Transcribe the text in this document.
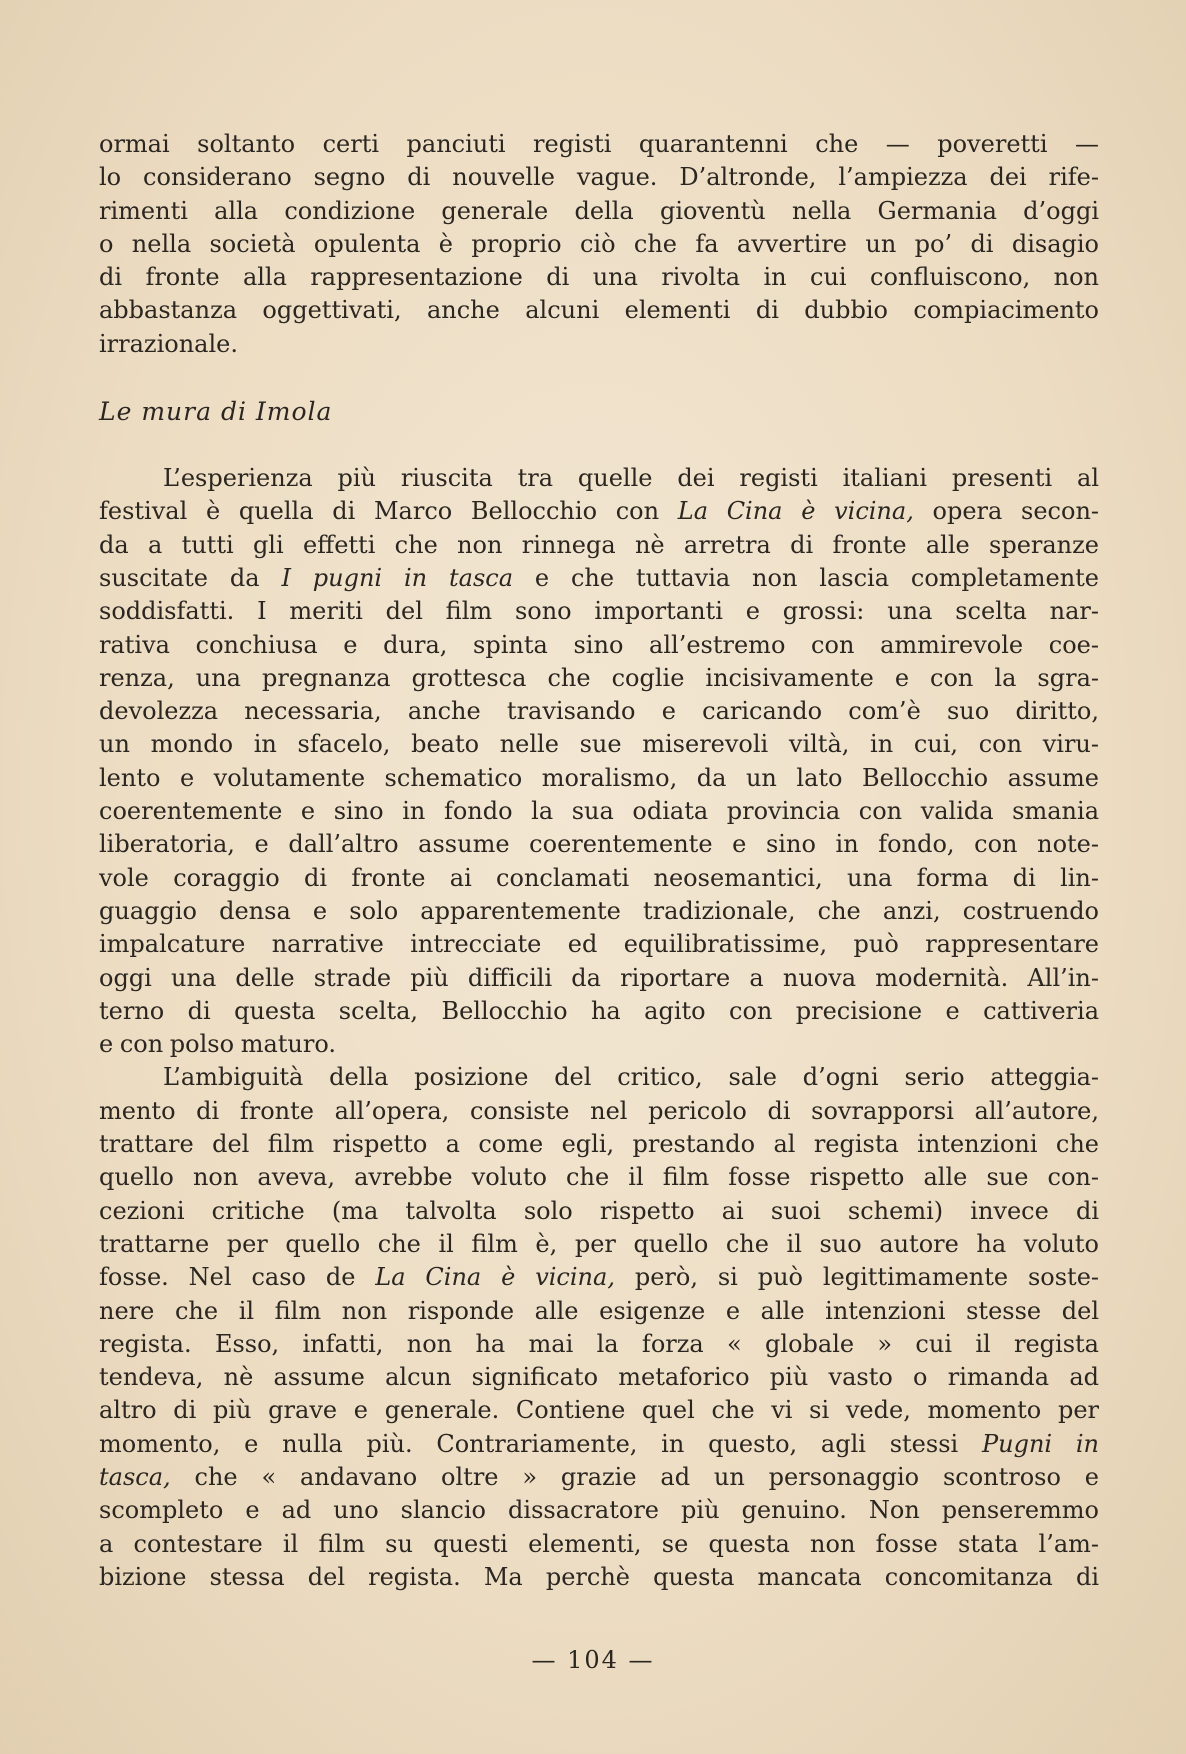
ormai soltanto certi panciuti registi quarantenni che — poveretti —
lo considerano segno di nouvelle vague. D’altronde, l’ampiezza dei rife-
rimenti alla condizione generale della gioventù nella Germania d’oggi
o nella società opulenta è proprio ciò che fa avvertire un po’ di disagio
di fronte alla rappresentazione di una rivolta in cui confluiscono, non
abbastanza oggettivati, anche alcuni elementi di dubbio compiacimento
irrazionale.
Le mura di Imola
L’esperienza più riuscita tra quelle dei registi italiani presenti al
festival è quella di Marco Bellocchio con La Cina è vicina, opera secon-
da a tutti gli effetti che non rinnega nè arretra di fronte alle speranze
suscitate da I pugni in tasca e che tuttavia non lascia completamente
soddisfatti. I meriti del film sono importanti e grossi: una scelta nar-
rativa conchiusa e dura, spinta sino all’estremo con ammirevole coe-
renza, una pregnanza grottesca che coglie incisivamente e con la sgra-
devolezza necessaria, anche travisando e caricando com’è suo diritto,
un mondo in sfacelo, beato nelle sue miserevoli viltà, in cui, con viru-
lento e volutamente schematico moralismo, da un lato Bellocchio assume
coerentemente e sino in fondo la sua odiata provincia con valida smania
liberatoria, e dall’altro assume coerentemente e sino in fondo, con note-
vole coraggio di fronte ai conclamati neosemantici, una forma di lin-
guaggio densa e solo apparentemente tradizionale, che anzi, costruendo
impalcature narrative intrecciate ed equilibratissime, può rappresentare
oggi una delle strade più difficili da riportare a nuova modernità. All’in-
terno di questa scelta, Bellocchio ha agito con precisione e cattiveria
e con polso maturo.
L’ambiguità della posizione del critico, sale d’ogni serio atteggia-
mento di fronte all’opera, consiste nel pericolo di sovrapporsi all’autore,
trattare del film rispetto a come egli, prestando al regista intenzioni che
quello non aveva, avrebbe voluto che il film fosse rispetto alle sue con-
cezioni critiche (ma talvolta solo rispetto ai suoi schemi) invece di
trattarne per quello che il film è, per quello che il suo autore ha voluto
fosse. Nel caso de La Cina è vicina, però, si può legittimamente soste-
nere che il film non risponde alle esigenze e alle intenzioni stesse del
regista. Esso, infatti, non ha mai la forza « globale » cui il regista
tendeva, nè assume alcun significato metaforico più vasto o rimanda ad
altro di più grave e generale. Contiene quel che vi si vede, momento per
momento, e nulla più. Contrariamente, in questo, agli stessi Pugni in
tasca, che « andavano oltre » grazie ad un personaggio scontroso e
scompleto e ad uno slancio dissacratore più genuino. Non penseremmo
a contestare il film su questi elementi, se questa non fosse stata l’am-
bizione stessa del regista. Ma perchè questa mancata concomitanza di
— 104 —
